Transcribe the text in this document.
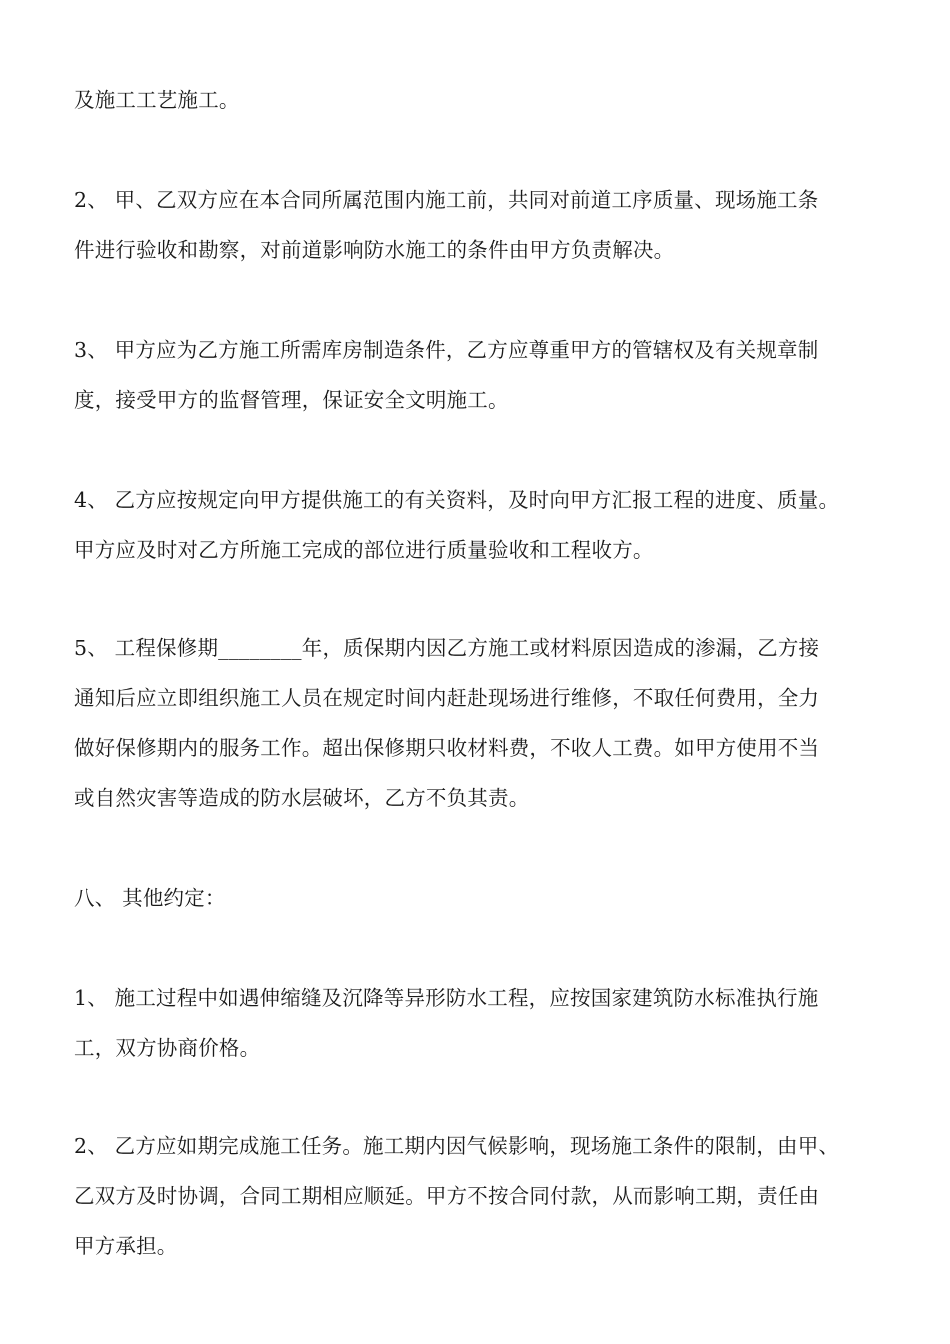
及施工工艺施工。
2、 甲、乙双方应在本合同所属范围内施工前，共同对前道工序质量、现场施工条
件进行验收和勘察，对前道影响防水施工的条件由甲方负责解决。
3、 甲方应为乙方施工所需库房制造条件，乙方应尊重甲方的管辖权及有关规章制
度，接受甲方的监督管理，保证安全文明施工。
4、 乙方应按规定向甲方提供施工的有关资料，及时向甲方汇报工程的进度、质量。
甲方应及时对乙方所施工完成的部位进行质量验收和工程收方。
5、 工程保修期________年，质保期内因乙方施工或材料原因造成的渗漏，乙方接
通知后应立即组织施工人员在规定时间内赶赴现场进行维修，不取任何费用，全力
做好保修期内的服务工作。超出保修期只收材料费，不收人工费。如甲方使用不当
或自然灾害等造成的防水层破坏，乙方不负其责。
八、 其他约定：
1、 施工过程中如遇伸缩缝及沉降等异形防水工程，应按国家建筑防水标准执行施
工，双方协商价格。
2、 乙方应如期完成施工任务。施工期内因气候影响，现场施工条件的限制，由甲、
乙双方及时协调，合同工期相应顺延。甲方不按合同付款，从而影响工期，责任由
甲方承担。
